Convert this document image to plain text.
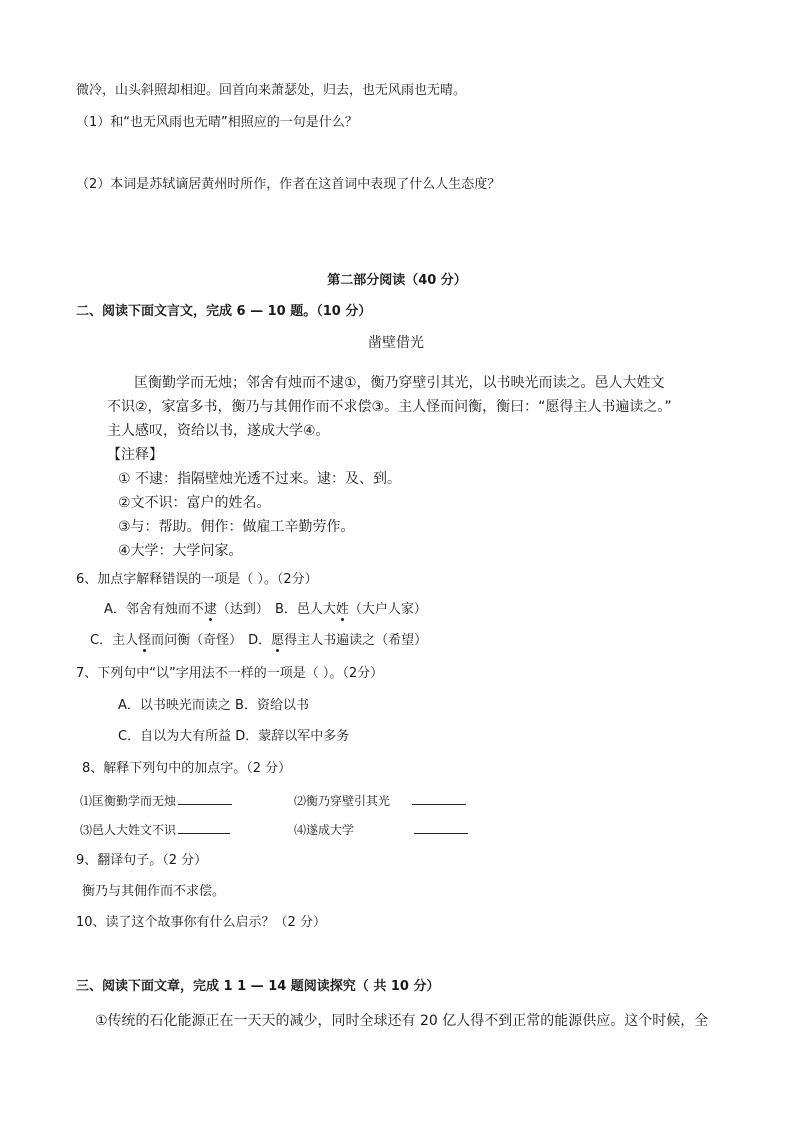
微冷，山头斜照却相迎。回首向来萧瑟处，归去，也无风雨也无晴。
（1）和“也无风雨也无晴”相照应的一句是什么？
（2）本词是苏轼谪居黄州时所作，作者在这首词中表现了什么人生态度？
第二部分阅读（40 分）
二、阅读下面文言文，完成 6 — 10 题。（10 分）
凿壁借光
匡衡勤学而无烛；邻舍有烛而不逮①，衡乃穿壁引其光，以书映光而读之。邑人大姓文
不识②，家富多书，衡乃与其佣作而不求偿③。主人怪而问衡，衡曰：“愿得主人书遍读之。”
主人感叹，资给以书，遂成大学④。
【注释】
① 不逮：指隔壁烛光透不过来。逮：及、到。
②文不识：富户的姓名。
③与：帮助。佣作：做雇工辛勤劳作。
④大学：大学问家。
6、加点字解释错误的一项是（ ）。（2分）
A．邻舍有烛而不逮（达到） B．邑人大姓（大户人家）
C．主人怪而问衡（奇怪） D．愿得主人书遍读之（希望）
7、下列句中“以”字用法不一样的一项是（ ）。（2分）
A．以书映光而读之 B．资给以书
C．自以为大有所益 D．蒙辞以军中多务
8、解释下列句中的加点字。（2 分）
⑴匡衡勤学而无烛	⑵衡乃穿壁引其光
⑶邑人大姓文不识	⑷遂成大学
9、翻译句子。（2 分）
衡乃与其佣作而不求偿。
10、读了这个故事你有什么启示？（2 分）
三、阅读下面文章，完成 1 1 — 14 题阅读探究（ 共 10 分）
①传统的石化能源正在一天天的减少，同时全球还有 20 亿人得不到正常的能源供应。这个时候，全
